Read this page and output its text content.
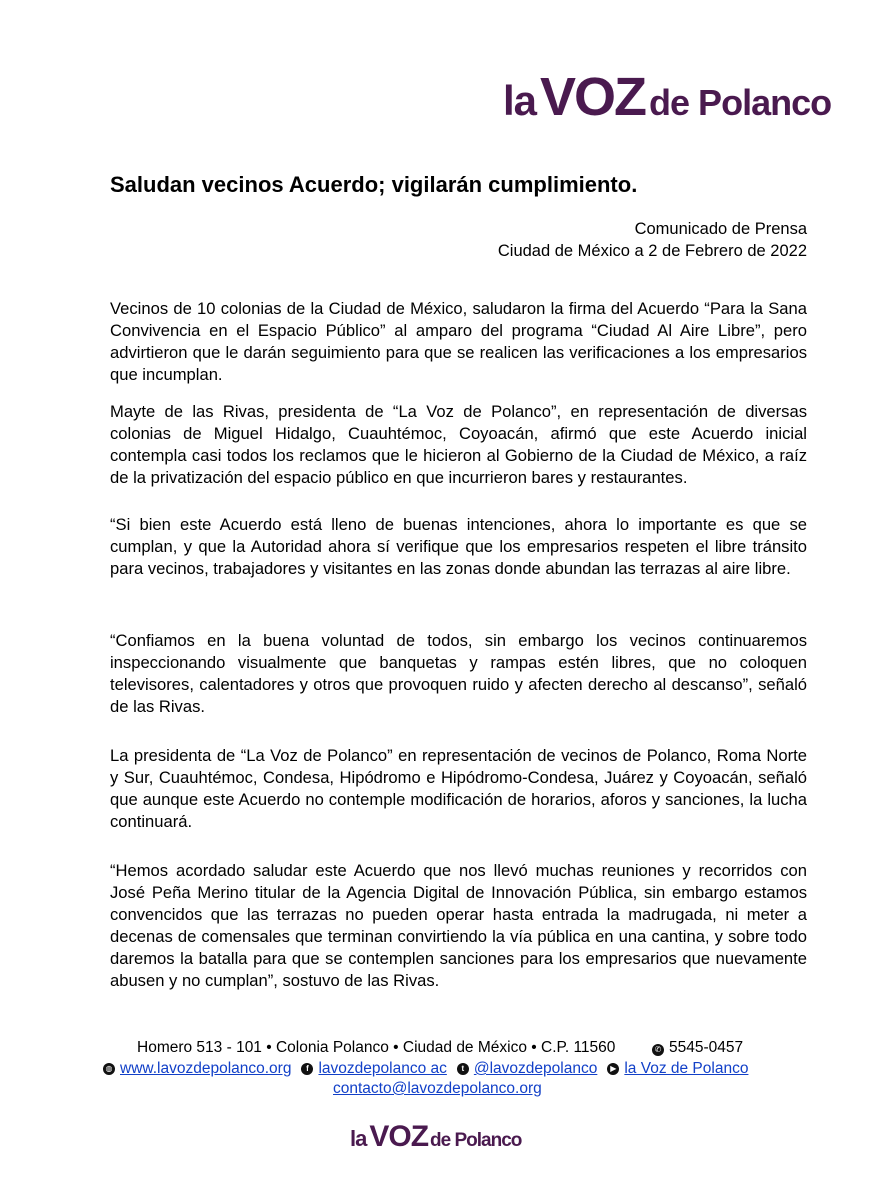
la VOZ de Polanco
Saludan vecinos Acuerdo; vigilarán cumplimiento.
Comunicado de Prensa
Ciudad de México a 2 de Febrero de 2022

Vecinos de 10 colonias de la Ciudad de México, saludaron la firma del Acuerdo “Para la Sana Convivencia en el Espacio Público” al amparo del programa “Ciudad Al Aire Libre”, pero advirtieron que le darán seguimiento para que se realicen las verificaciones a los empresarios que incumplan.

Mayte de las Rivas, presidenta de “La Voz de Polanco”, en representación de diversas colonias de Miguel Hidalgo, Cuauhtémoc, Coyoacán, afirmó que este Acuerdo inicial contempla casi todos los reclamos que le hicieron al Gobierno de la Ciudad de México, a raíz de la privatización del espacio público en que incurrieron bares y restaurantes.

“Si bien este Acuerdo está lleno de buenas intenciones, ahora lo importante es que se cumplan, y que la Autoridad ahora sí verifique que los empresarios respeten el libre tránsito para vecinos, trabajadores y visitantes en las zonas donde abundan las terrazas al aire libre.

“Confiamos en la buena voluntad de todos, sin embargo los vecinos continuaremos inspeccionando visualmente que banquetas y rampas estén libres, que no coloquen televisores, calentadores y otros que provoquen ruido y afecten derecho al descanso”, señaló de las Rivas.

La presidenta de “La Voz de Polanco” en representación de vecinos de Polanco, Roma Norte y Sur, Cuauhtémoc, Condesa, Hipódromo e Hipódromo-Condesa, Juárez y Coyoacán, señaló que aunque este Acuerdo no contemple modificación de horarios, aforos y sanciones, la lucha continuará.

“Hemos acordado saludar este Acuerdo que nos llevó muchas reuniones y recorridos con José Peña Merino titular de la Agencia Digital de Innovación Pública, sin embargo estamos convencidos que las terrazas no pueden operar hasta entrada la madrugada, ni meter a decenas de comensales que terminan convirtiendo la vía pública en una cantina, y sobre todo daremos la batalla para que se contemplen sanciones para los empresarios que nuevamente abusen y no cumplan”, sostuvo de las Rivas.

Homero 513 - 101 • Colonia Polanco • Ciudad de México • C.P. 11560	✆ 5545-0457
◍ www.lavozdepolanco.org	f lavozdepolanco ac	t @lavozdepolanco	▶ la Voz de Polanco
contacto@lavozdepolanco.org
la VOZ de Polanco
